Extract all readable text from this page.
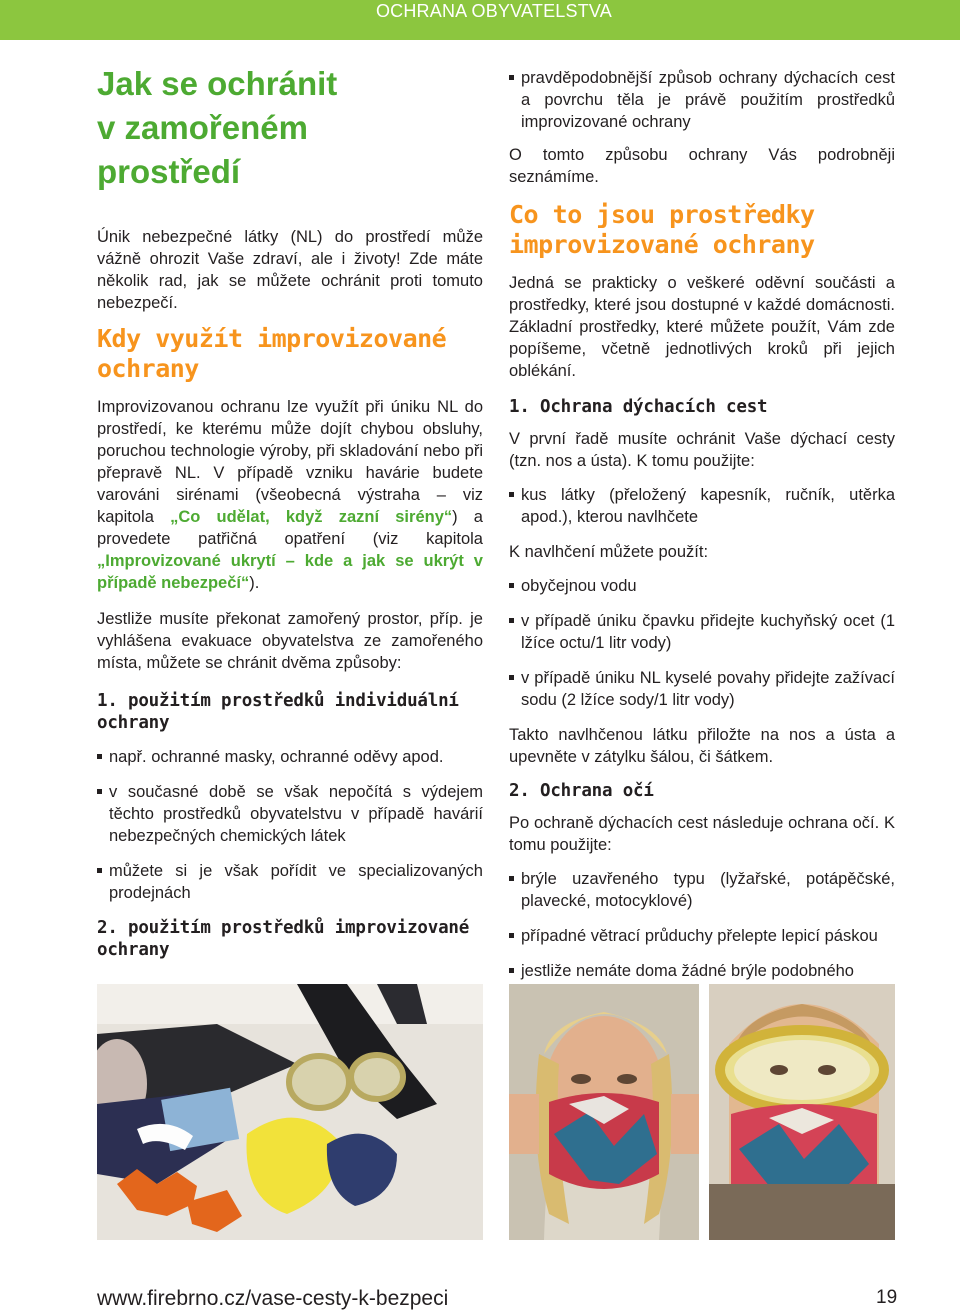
OCHRANA OBYVATELSTVA
Jak se ochránit
v zamořeném
prostředí

Únik nebezpečné látky (NL) do prostředí může vážně ohrozit Vaše zdraví, ale i životy! Zde máte několik rad, jak se můžete ochránit proti tomuto nebezpečí.

Kdy využít improvizované
ochrany

Improvizovanou ochranu lze využít při úniku NL do prostředí, ke kterému může dojít chybou obsluhy, poruchou technologie výroby, při skladování nebo při přepravě NL. V případě vzniku havárie budete varováni sirénami (všeobecná výstraha – viz kapitola „Co udělat, když zazní sirény“) a provedete patřičná opatření (viz kapitola „Improvizované ukrytí – kde a jak se ukrýt v případě nebezpečí“).

Jestliže musíte překonat zamořený prostor, příp. je vyhlášena evakuace obyvatelstva ze zamořeného místa, můžete se chránit dvěma způsoby:

1. použitím prostředků individuální ochrany
např. ochranné masky, ochranné oděvy apod.
v současné době se však nepočítá s výdejem těchto prostředků obyvatelstvu v případě havárií nebezpečných chemických látek
můžete si je však pořídit ve specializovaných prodejnách
2. použitím prostředků improvizované ochrany
pravděpodobnější způsob ochrany dýchacích cest a povrchu těla je právě použitím prostředků improvizované ochrany

O tomto způsobu ochrany Vás podrobněji seznámíme.

Co to jsou prostředky
improvizované ochrany

Jedná se prakticky o veškeré oděvní součásti a prostředky, které jsou dostupné v každé domácnosti. Základní prostředky, které můžete použít, Vám zde popíšeme, včetně jednotlivých kroků při jejich oblékání.

1. Ochrana dýchacích cest

V první řadě musíte ochránit Vaše dýchací cesty (tzn. nos a ústa). K tomu použijte:

kus látky (přeložený kapesník, ručník, utěrka apod.), kterou navlhčete

K navlhčení můžete použít:

obyčejnou vodu
v případě úniku čpavku přidejte kuchyňský ocet (1 lžíce octu/1 litr vody)
v případě úniku NL kyselé povahy přidejte zažívací sodu (2 lžíce sody/1 litr vody)

Takto navlhčenou látku přiložte na nos a ústa a upevněte v zátylku šálou, či šátkem.

2. Ochrana očí

Po ochraně dýchacích cest následuje ochrana očí. K tomu použijte:

brýle uzavřeného typu (lyžařské, potápěčské, plavecké, motocyklové)
případné větrací průduchy přelepte lepicí páskou
jestliže nemáte doma žádné brýle podobného
www.firebrno.cz/vase-cesty-k-bezpeci	19
